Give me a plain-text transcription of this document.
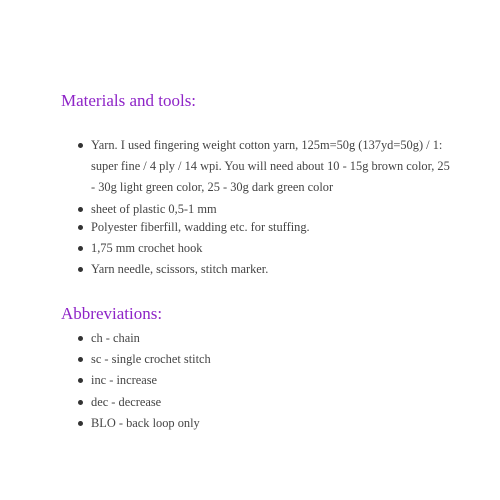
Materials and tools:
Yarn. I used fingering weight cotton yarn, 125m=50g (137yd=50g) / 1: super fine / 4 ply / 14 wpi. You will need about 10 - 15g brown color, 25 - 30g light green color, 25 - 30g dark green color
sheet of plastic 0,5-1 mm
Polyester fiberfill, wadding etc. for stuffing.
1,75 mm crochet hook
Yarn needle, scissors, stitch marker.
Abbreviations:
ch - chain
sc - single crochet stitch
inc - increase
dec - decrease
BLO - back loop only
